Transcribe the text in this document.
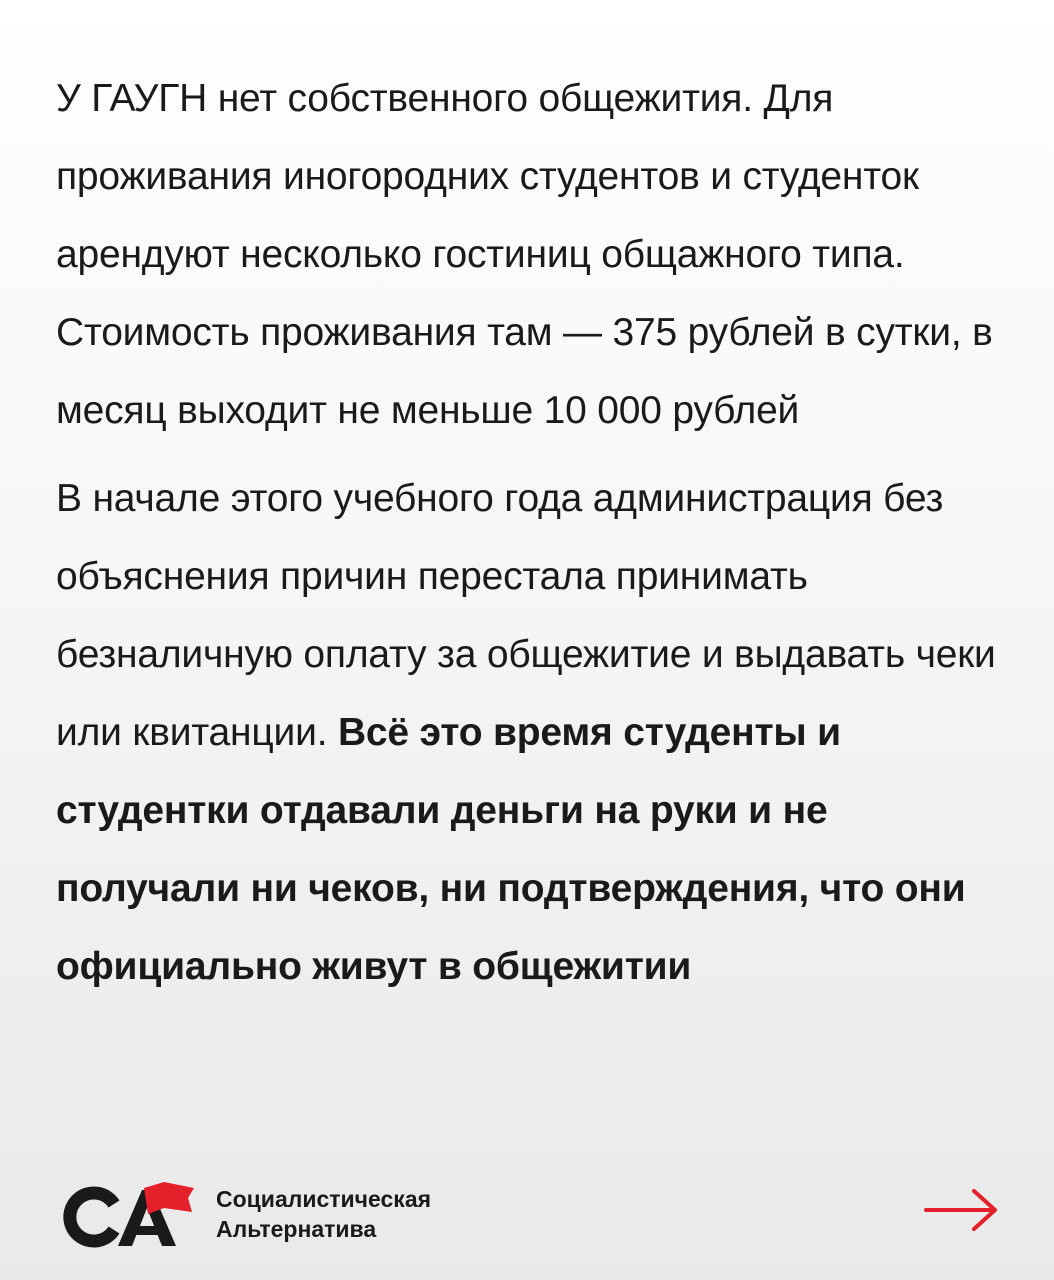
У ГАУГН нет собственного общежития. Для проживания иногородних студентов и студенток арендуют несколько гостиниц общажного типа. Стоимость проживания там — 375 рублей в сутки, в месяц выходит не меньше 10 000 рублей

В начале этого учебного года администрация без объяснения причин перестала принимать безналичную оплату за общежитие и выдавать чеки или квитанции. Всё это время студенты и студентки отдавали деньги на руки и не получали ни чеков, ни подтверждения, что они официально живут в общежитии

Социалистическая
Альтернатива
